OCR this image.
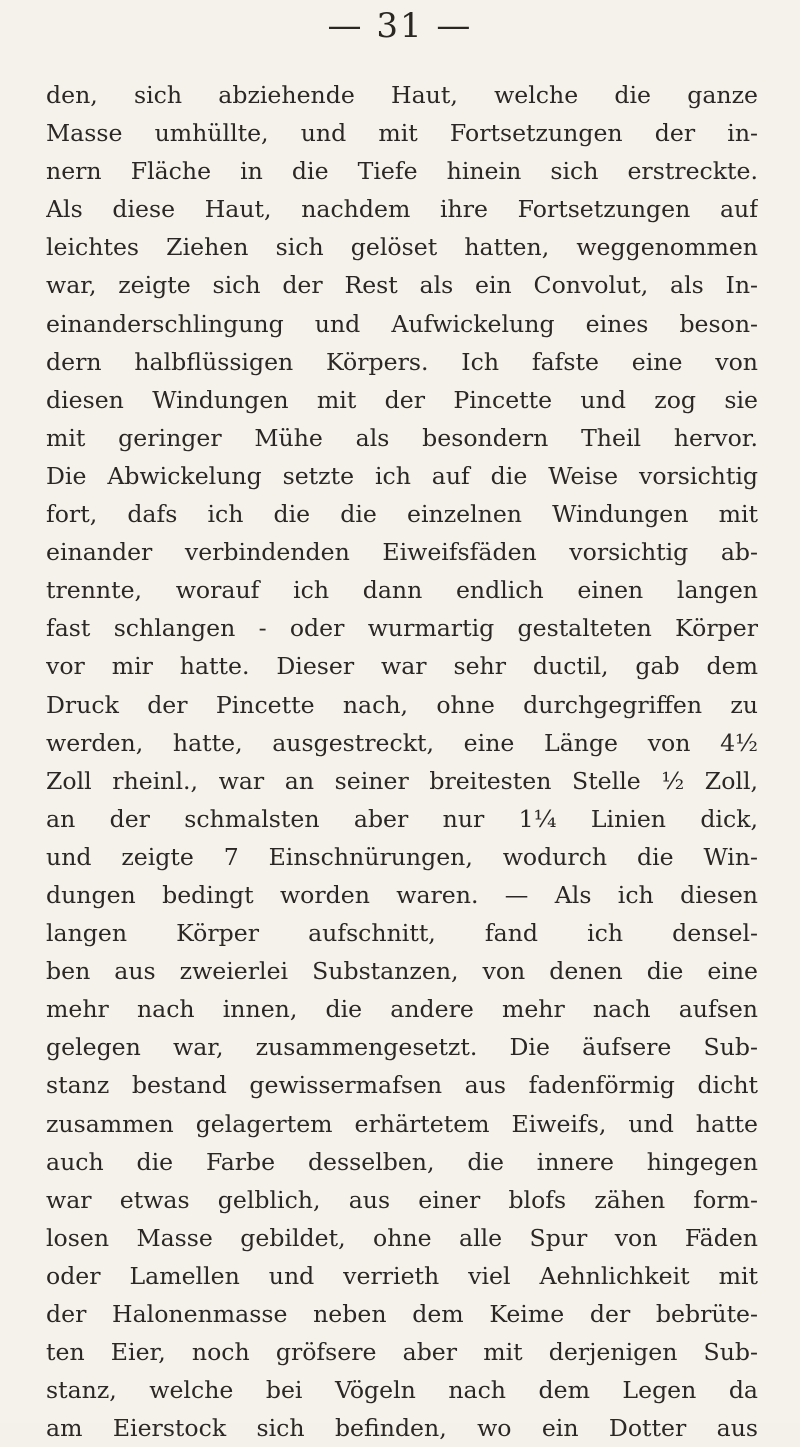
— 31 —
den, sich abziehende Haut, welche die ganze
Masse umhüllte, und mit Fortsetzungen der in-
nern Fläche in die Tiefe hinein sich erstreckte.
Als diese Haut, nachdem ihre Fortsetzungen auf
leichtes Ziehen sich gelöset hatten, weggenommen
war, zeigte sich der Rest als ein Convolut, als In-
einanderschlingung und Aufwickelung eines beson-
dern halbflüssigen Körpers. Ich fafste eine von
diesen Windungen mit der Pincette und zog sie
mit geringer Mühe als besondern Theil hervor.
Die Abwickelung setzte ich auf die Weise vorsichtig
fort, dafs ich die die einzelnen Windungen mit
einander verbindenden Eiweifsfäden vorsichtig ab-
trennte, worauf ich dann endlich einen langen
fast schlangen - oder wurmartig gestalteten Körper
vor mir hatte. Dieser war sehr ductil, gab dem
Druck der Pincette nach, ohne durchgegriffen zu
werden, hatte, ausgestreckt, eine Länge von 4½
Zoll rheinl., war an seiner breitesten Stelle ½ Zoll,
an der schmalsten aber nur 1¼ Linien dick,
und zeigte 7 Einschnürungen, wodurch die Win-
dungen bedingt worden waren. — Als ich diesen
langen Körper aufschnitt, fand ich densel-
ben aus zweierlei Substanzen, von denen die eine
mehr nach innen, die andere mehr nach aufsen
gelegen war, zusammengesetzt. Die äufsere Sub-
stanz bestand gewissermafsen aus fadenförmig dicht
zusammen gelagertem erhärtetem Eiweifs, und hatte
auch die Farbe desselben, die innere hingegen
war etwas gelblich, aus einer blofs zähen form-
losen Masse gebildet, ohne alle Spur von Fäden
oder Lamellen und verrieth viel Aehnlichkeit mit
der Halonenmasse neben dem Keime der bebrüte-
ten Eier, noch gröfsere aber mit derjenigen Sub-
stanz, welche bei Vögeln nach dem Legen da
am Eierstock sich befinden, wo ein Dotter aus
